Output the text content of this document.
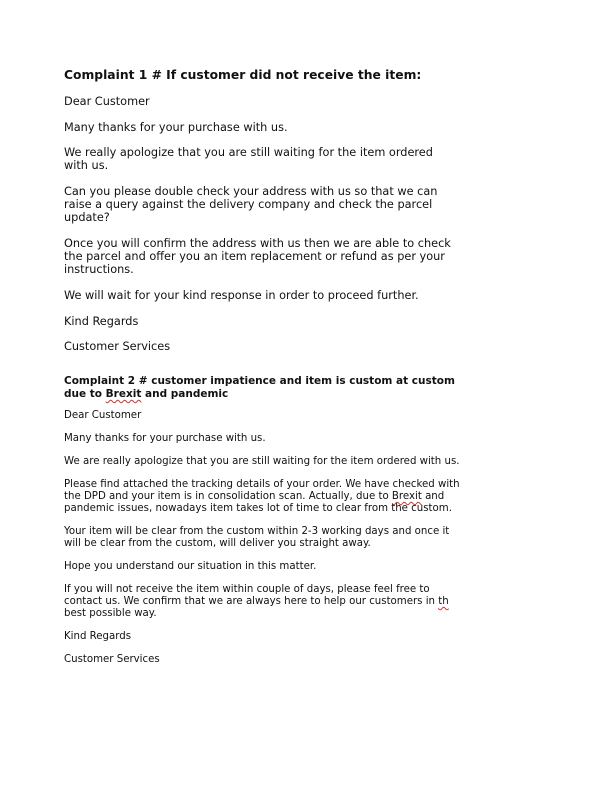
Complaint 1 # If customer did not receive the item:
Dear Customer
Many thanks for your purchase with us.
We really apologize that you are still waiting for the item ordered with us.
Can you please double check your address with us so that we can raise a query against the delivery company and check the parcel update?
Once you will confirm the address with us then we are able to check the parcel and offer you an item replacement or refund as per your instructions.
We will wait for your kind response in order to proceed further.
Kind Regards
Customer Services
Complaint 2 # customer impatience and item is custom at custom due to Brexit and pandemic
Dear Customer
Many thanks for your purchase with us.
We are really apologize that you are still waiting for the item ordered with us.
Please find attached the tracking details of your order. We have checked with the DPD and your item is in consolidation scan. Actually, due to Brexit and pandemic issues, nowadays item takes lot of time to clear from the custom.
Your item will be clear from the custom within 2-3 working days and once it will be clear from the custom, will deliver you straight away.
Hope you understand our situation in this matter.
If you will not receive the item within couple of days, please feel free to contact us. We confirm that we are always here to help our customers in th best possible way.
Kind Regards
Customer Services
